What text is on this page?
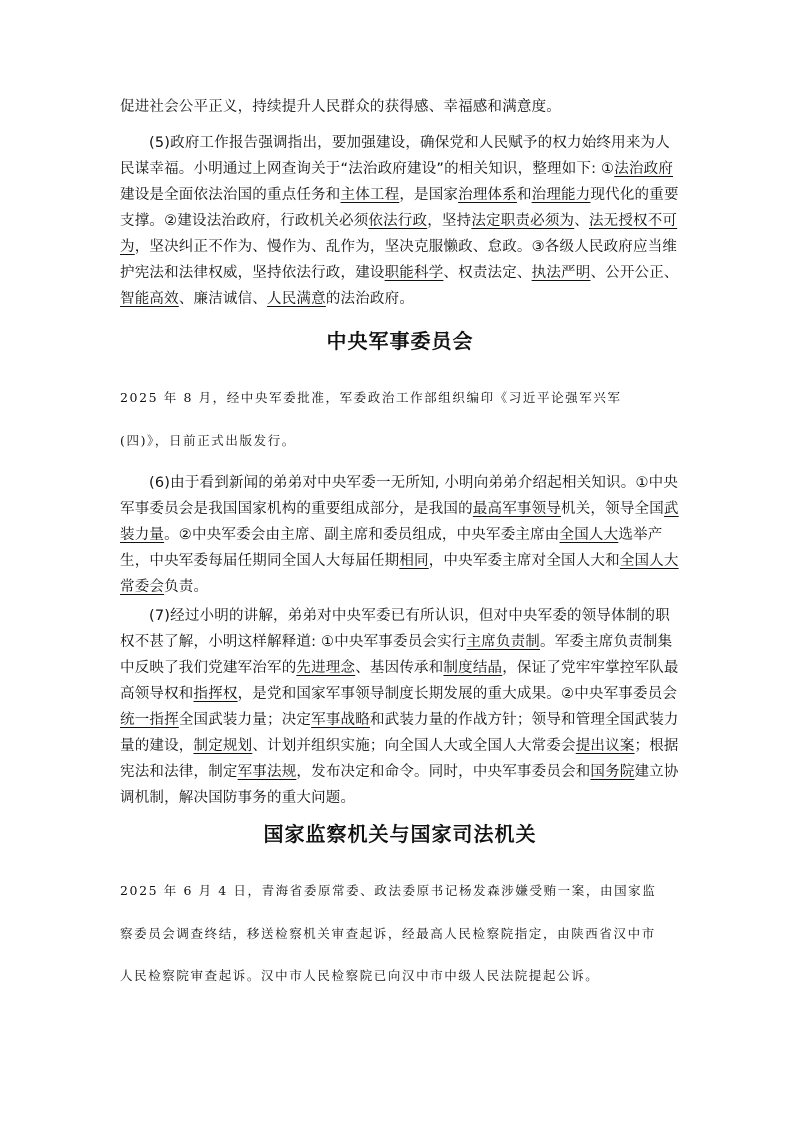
促进社会公平正义，持续提升人民群众的获得感、幸福感和满意度。

(5)政府工作报告强调指出，要加强建设，确保党和人民赋予的权力始终用来为人民谋幸福。小明通过上网查询关于“法治政府建设”的相关知识，整理如下: ①法治政府建设是全面依法治国的重点任务和主体工程，是国家治理体系和治理能力现代化的重要支撑。②建设法治政府，行政机关必须依法行政，坚持法定职责必须为、法无授权不可为，坚决纠正不作为、慢作为、乱作为，坚决克服懒政、怠政。③各级人民政府应当维护宪法和法律权威，坚持依法行政，建设职能科学、权责法定、执法严明、公开公正、智能高效、廉洁诚信、人民满意的法治政府。

中央军事委员会

2025 年 8 月，经中央军委批准，军委政治工作部组织编印《习近平论强军兴军

(四)》，日前正式出版发行。

(6)由于看到新闻的弟弟对中央军委一无所知, 小明向弟弟介绍起相关知识。①中央军事委员会是我国国家机构的重要组成部分，是我国的最高军事领导机关，领导全国武装力量。②中央军委会由主席、副主席和委员组成，中央军委主席由全国人大选举产生，中央军委每届任期同全国人大每届任期相同，中央军委主席对全国人大和全国人大常委会负责。

(7)经过小明的讲解，弟弟对中央军委已有所认识，但对中央军委的领导体制的职权不甚了解，小明这样解释道: ①中央军事委员会实行主席负责制。军委主席负责制集中反映了我们党建军治军的先进理念、基因传承和制度结晶，保证了党牢牢掌控军队最高领导权和指挥权，是党和国家军事领导制度长期发展的重大成果。②中央军事委员会统一指挥全国武装力量；决定军事战略和武装力量的作战方针；领导和管理全国武装力量的建设，制定规划、计划并组织实施；向全国人大或全国人大常委会提出议案；根据宪法和法律，制定军事法规，发布决定和命令。同时，中央军事委员会和国务院建立协调机制，解决国防事务的重大问题。

国家监察机关与国家司法机关

2025 年 6 月 4 日，青海省委原常委、政法委原书记杨发森涉嫌受贿一案，由国家监

察委员会调查终结，移送检察机关审查起诉，经最高人民检察院指定，由陕西省汉中市

人民检察院审查起诉。汉中市人民检察院已向汉中市中级人民法院提起公诉。
